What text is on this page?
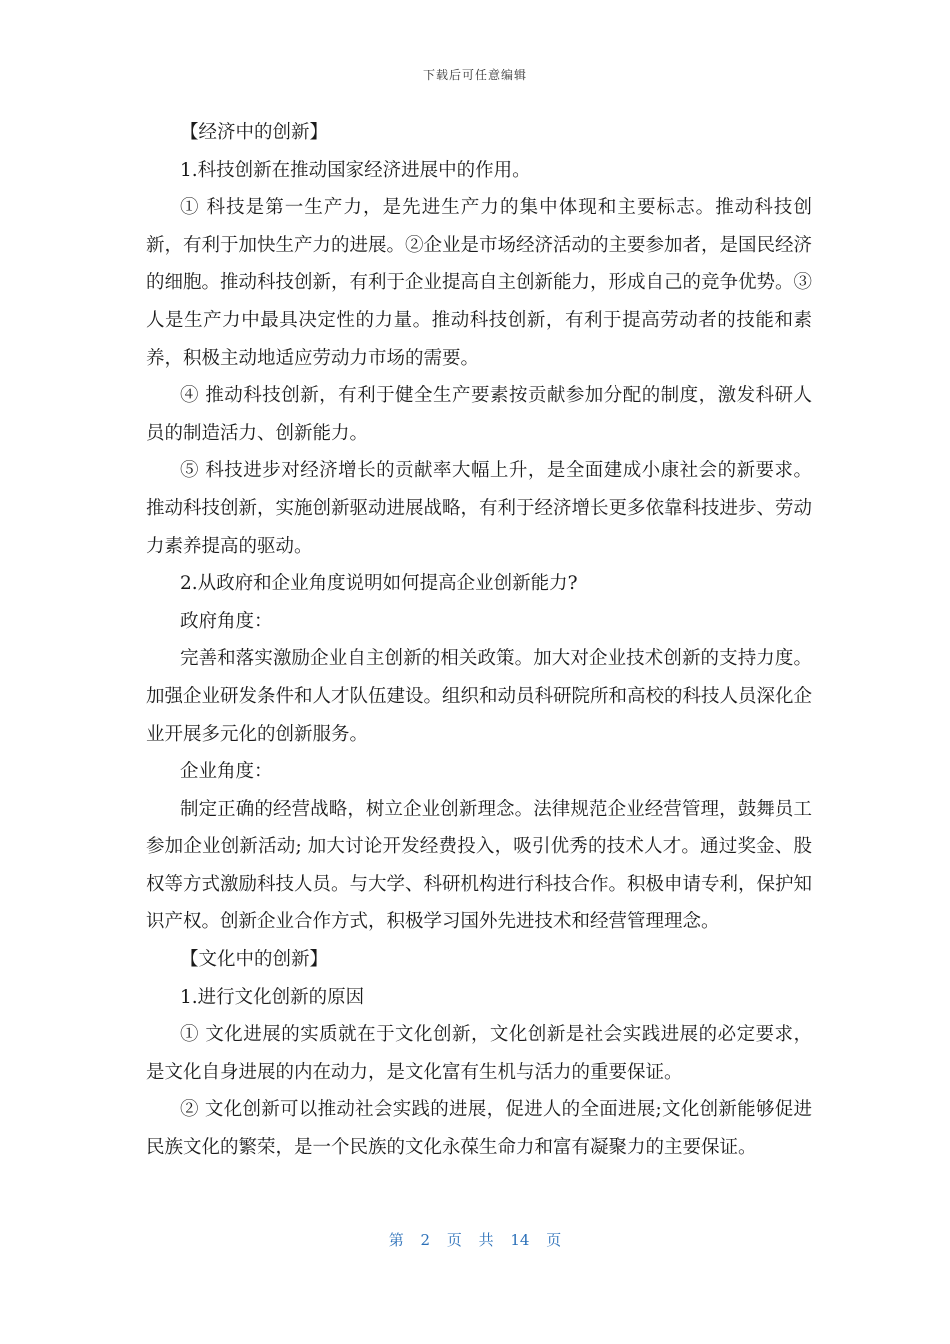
下载后可任意编辑

【经济中的创新】

1.科技创新在推动国家经济进展中的作用。

① 科技是第一生产力，是先进生产力的集中体现和主要标志。推动科技创新，有利于加快生产力的进展。②企业是市场经济活动的主要参加者，是国民经济的细胞。推动科技创新，有利于企业提高自主创新能力，形成自己的竞争优势。③人是生产力中最具决定性的力量。推动科技创新，有利于提高劳动者的技能和素养，积极主动地适应劳动力市场的需要。

④ 推动科技创新，有利于健全生产要素按贡献参加分配的制度，激发科研人员的制造活力、创新能力。

⑤ 科技进步对经济增长的贡献率大幅上升，是全面建成小康社会的新要求。推动科技创新，实施创新驱动进展战略，有利于经济增长更多依靠科技进步、劳动力素养提高的驱动。

2.从政府和企业角度说明如何提高企业创新能力?

政府角度：

完善和落实激励企业自主创新的相关政策。加大对企业技术创新的支持力度。加强企业研发条件和人才队伍建设。组织和动员科研院所和高校的科技人员深化企业开展多元化的创新服务。

企业角度：

制定正确的经营战略，树立企业创新理念。法律规范企业经营管理，鼓舞员工参加企业创新活动; 加大讨论开发经费投入，吸引优秀的技术人才。通过奖金、股权等方式激励科技人员。与大学、科研机构进行科技合作。积极申请专利，保护知识产权。创新企业合作方式，积极学习国外先进技术和经营管理理念。

【文化中的创新】

1.进行文化创新的原因

① 文化进展的实质就在于文化创新，文化创新是社会实践进展的必定要求，是文化自身进展的内在动力，是文化富有生机与活力的重要保证。

② 文化创新可以推动社会实践的进展，促进人的全面进展;文化创新能够促进民族文化的繁荣，是一个民族的文化永葆生命力和富有凝聚力的主要保证。

第 2 页 共 14 页
